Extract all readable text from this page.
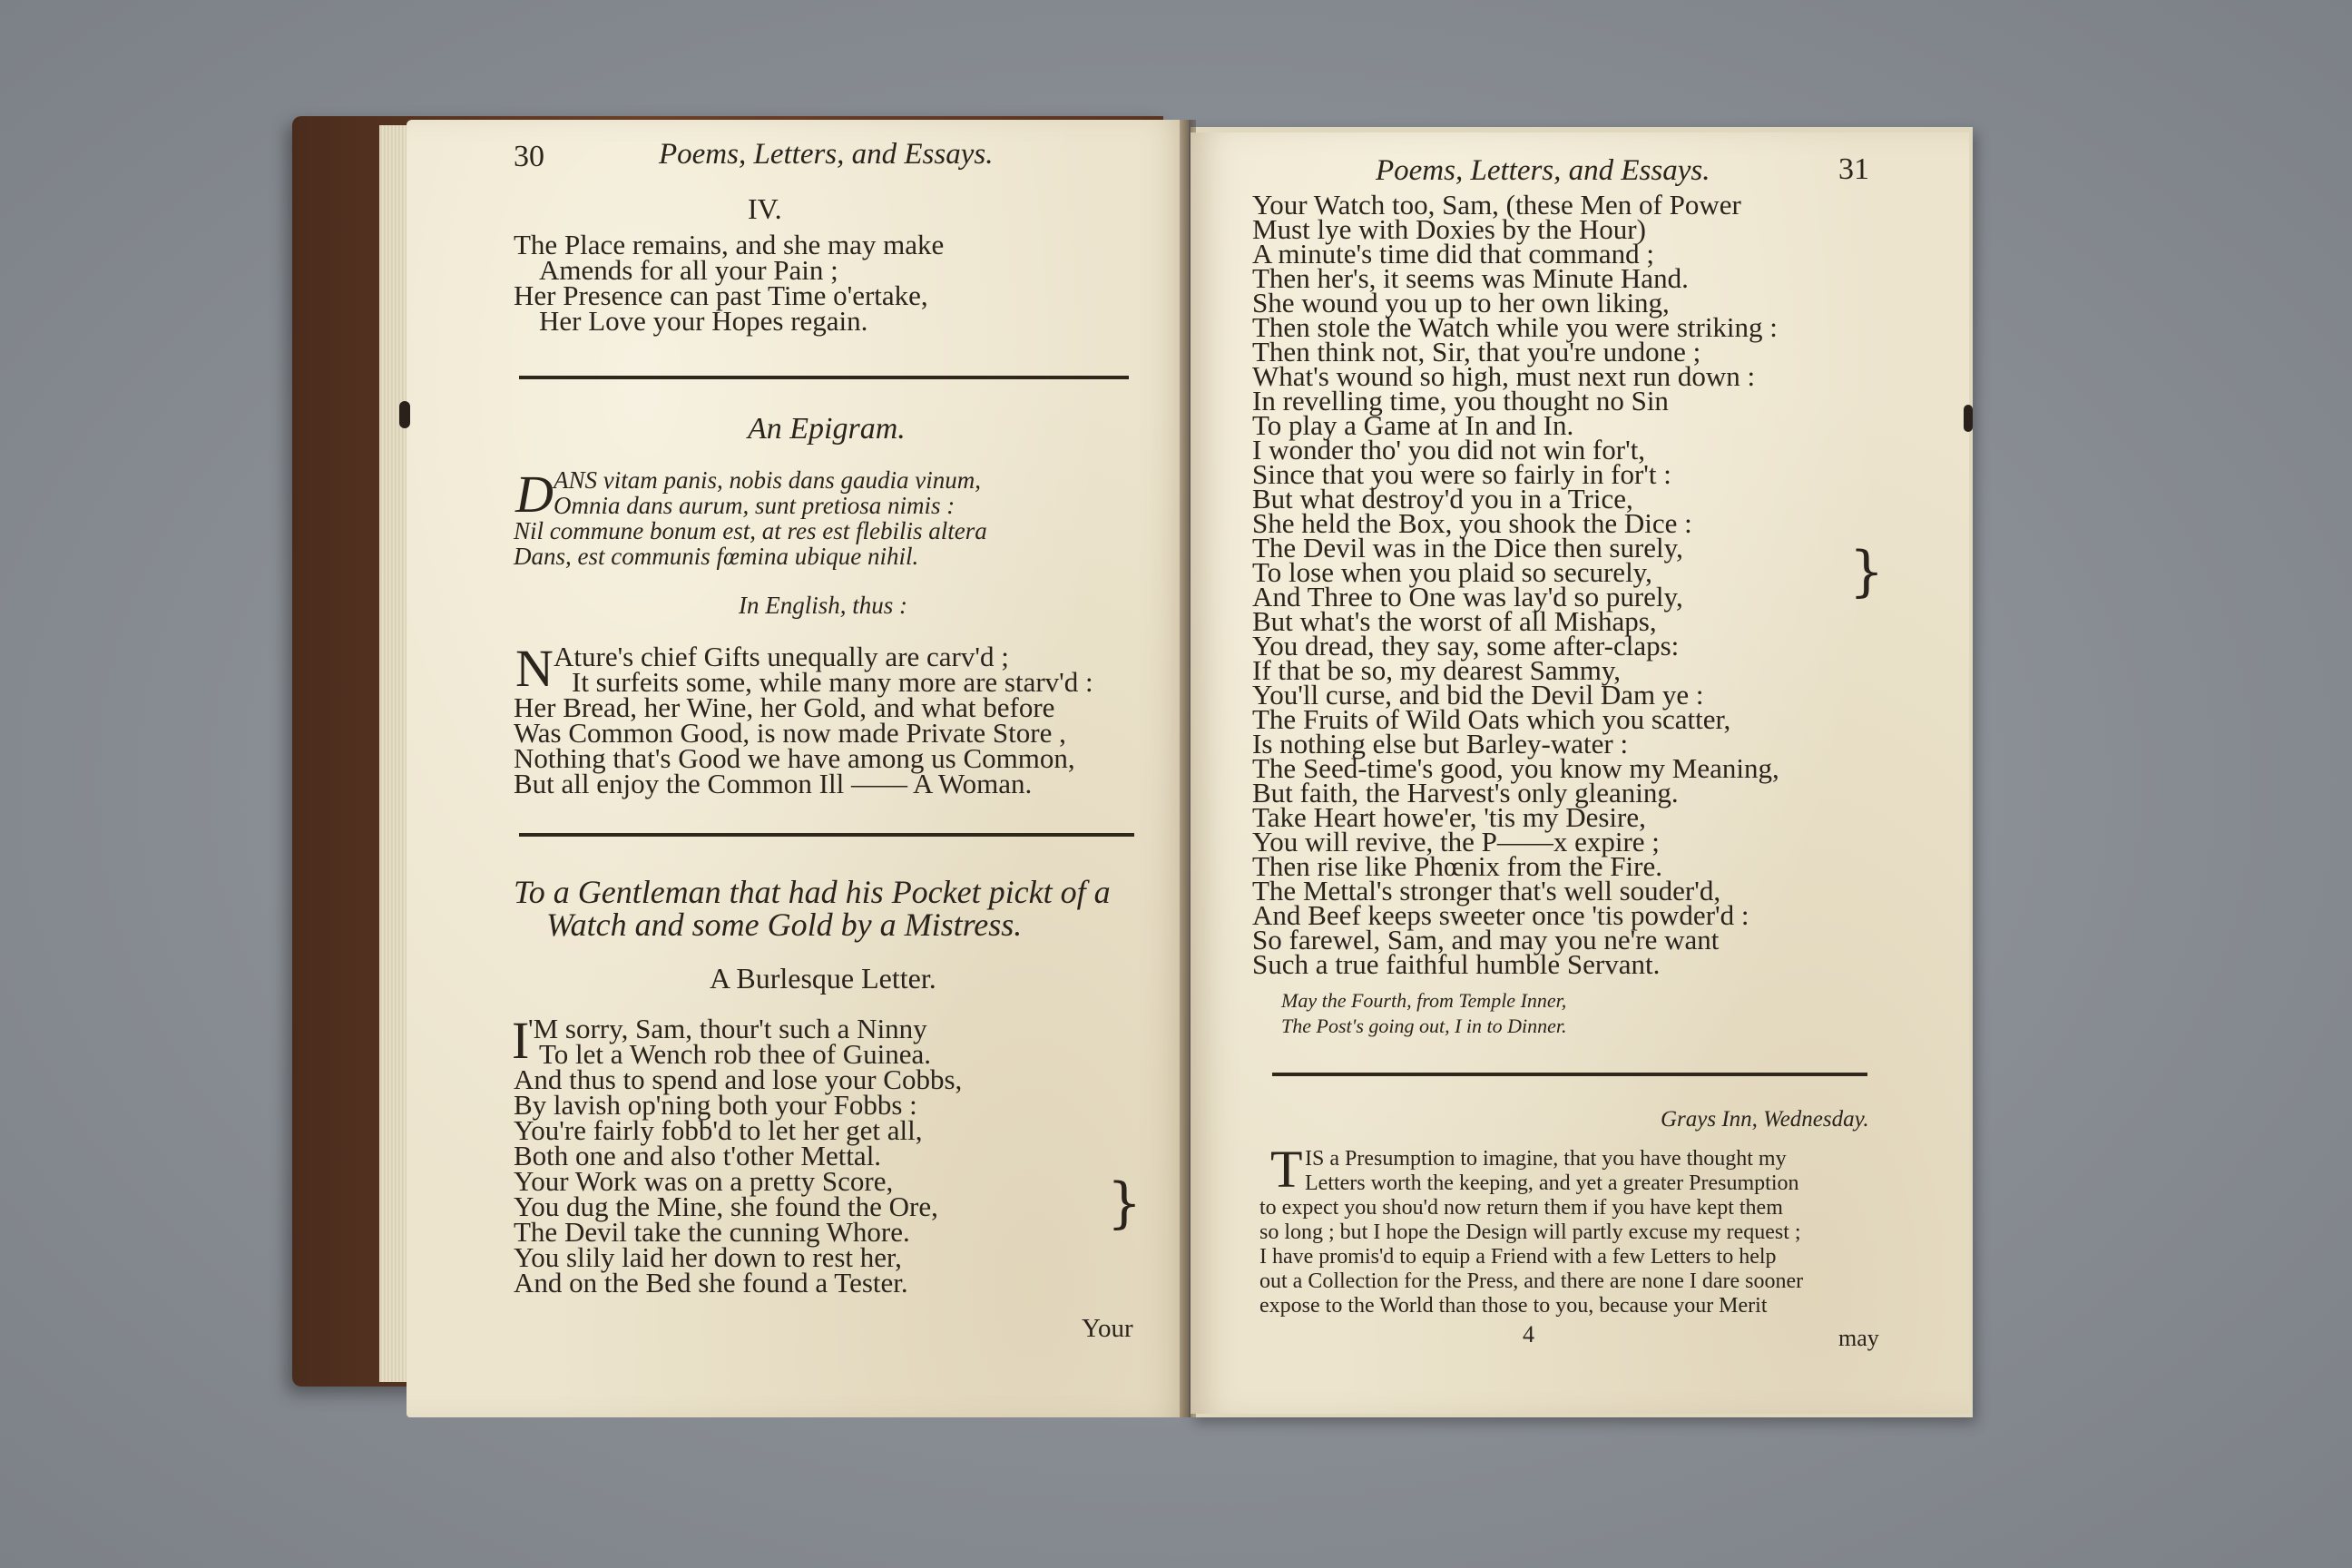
30	Poems, Letters, and Essays.
IV.
The Place remains, and she may make
Amends for all your Pain ;
Her Presence can past Time o'ertake,
Her Love your Hopes regain.
An Epigram.
D ANS vitam panis, nobis dans gaudia vinum,
Omnia dans aurum, sunt pretiosa nimis :
Nil commune bonum est, at res est flebilis altera
Dans, est communis fœmina ubique nihil.
In English, thus :
N Ature's chief Gifts unequally are carv'd ;
It surfeits some, while many more are starv'd :
Her Bread, her Wine, her Gold, and what before
Was Common Good, is now made Private Store ,
Nothing that's Good we have among us Common,
But all enjoy the Common Ill —— A Woman.
To a Gentleman that had his Pocket pickt of a
Watch and some Gold by a Mistress.
A Burlesque Letter.
I
'M sorry, Sam, thour't such a Ninny
To let a Wench rob thee of Guinea.
And thus to spend and lose your Cobbs,
By lavish op'ning both your Fobbs :
You're fairly fobb'd to let her get all,
Both one and also t'other Mettal.
Your Work was on a pretty Score,
You dug the Mine, she found the Ore,
The Devil take the cunning Whore.
You slily laid her down to rest her,
And on the Bed she found a Tester.
}
Your
Poems, Letters, and Essays.	31
Your Watch too, Sam, (these Men of Power
Must lye with Doxies by the Hour)
A minute's time did that command ;
Then her's, it seems was Minute Hand.
She wound you up to her own liking,
Then stole the Watch while you were striking :
Then think not, Sir, that you're undone ;
What's wound so high, must next run down :
In revelling time, you thought no Sin
To play a Game at In and In.
I wonder tho' you did not win for't,
Since that you were so fairly in for't :
But what destroy'd you in a Trice,
She held the Box, you shook the Dice :
The Devil was in the Dice then surely,
To lose when you plaid so securely,
And Three to One was lay'd so purely,
But what's the worst of all Mishaps,
You dread, they say, some after-claps:
If that be so, my dearest Sammy,
You'll curse, and bid the Devil Dam ye :
The Fruits of Wild Oats which you scatter,
Is nothing else but Barley-water :
The Seed-time's good, you know my Meaning,
But faith, the Harvest's only gleaning.
Take Heart howe'er, 'tis my Desire,
You will revive, the P——x expire ;
Then rise like Phœnix from the Fire.
The Mettal's stronger that's well souder'd,
And Beef keeps sweeter once 'tis powder'd :
So farewel, Sam, and may you ne're want
Such a true faithful humble Servant.
}
May the Fourth, from Temple Inner,
The Post's going out, I in to Dinner.
Grays Inn, Wednesday.
T IS a Presumption to imagine, that you have thought my
Letters worth the keeping, and yet a greater Presumption
to expect you shou'd now return them if you have kept them
so long ; but I hope the Design will partly excuse my request ;
I have promis'd to equip a Friend with a few Letters to help
out a Collection for the Press, and there are none I dare sooner
expose to the World than those to you, because your Merit
4	may
